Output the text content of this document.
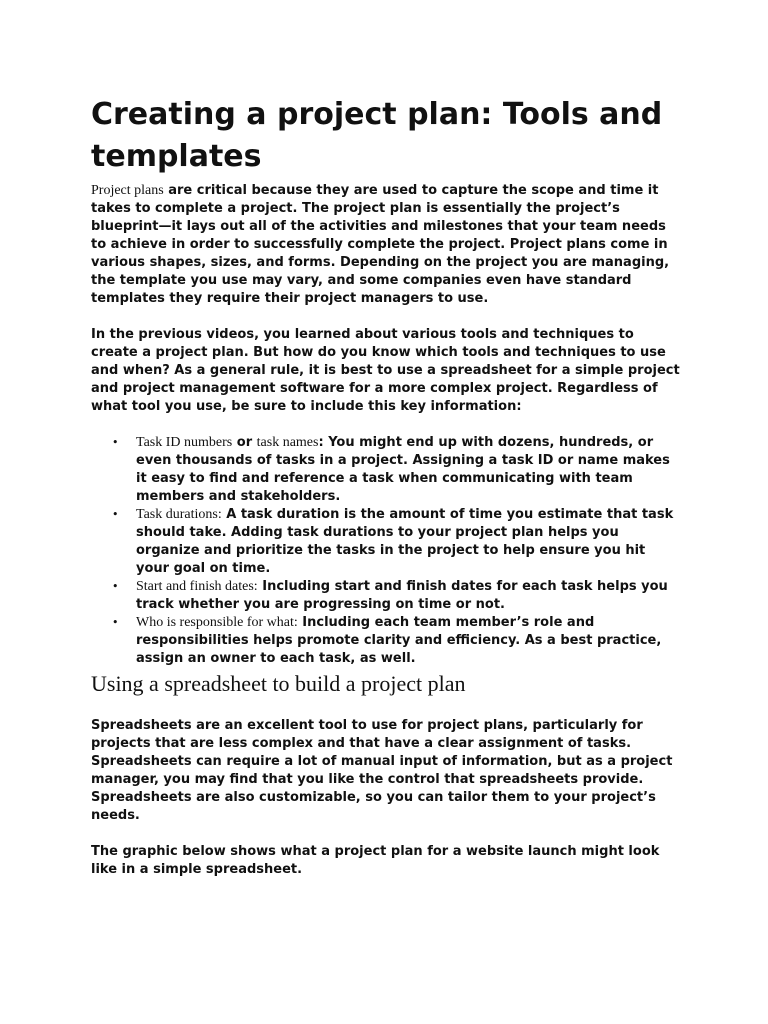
Creating a project plan: Tools and templates

Project plans are critical because they are used to capture the scope and time it takes to complete a project. The project plan is essentially the project’s blueprint—it lays out all of the activities and milestones that your team needs to achieve in order to successfully complete the project. Project plans come in various shapes, sizes, and forms. Depending on the project you are managing, the template you use may vary, and some companies even have standard templates they require their project managers to use.

In the previous videos, you learned about various tools and techniques to create a project plan. But how do you know which tools and techniques to use and when? As a general rule, it is best to use a spreadsheet for a simple project and project management software for a more complex project. Regardless of what tool you use, be sure to include this key information:

• Task ID numbers or task names: You might end up with dozens, hundreds, or even thousands of tasks in a project. Assigning a task ID or name makes it easy to find and reference a task when communicating with team members and stakeholders.
• Task durations: A task duration is the amount of time you estimate that task should take. Adding task durations to your project plan helps you organize and prioritize the tasks in the project to help ensure you hit your goal on time.
• Start and finish dates: Including start and finish dates for each task helps you track whether you are progressing on time or not.
• Who is responsible for what: Including each team member’s role and responsibilities helps promote clarity and efficiency. As a best practice, assign an owner to each task, as well.
Using a spreadsheet to build a project plan

Spreadsheets are an excellent tool to use for project plans, particularly for projects that are less complex and that have a clear assignment of tasks. Spreadsheets can require a lot of manual input of information, but as a project manager, you may find that you like the control that spreadsheets provide. Spreadsheets are also customizable, so you can tailor them to your project’s needs.

The graphic below shows what a project plan for a website launch might look like in a simple spreadsheet.
